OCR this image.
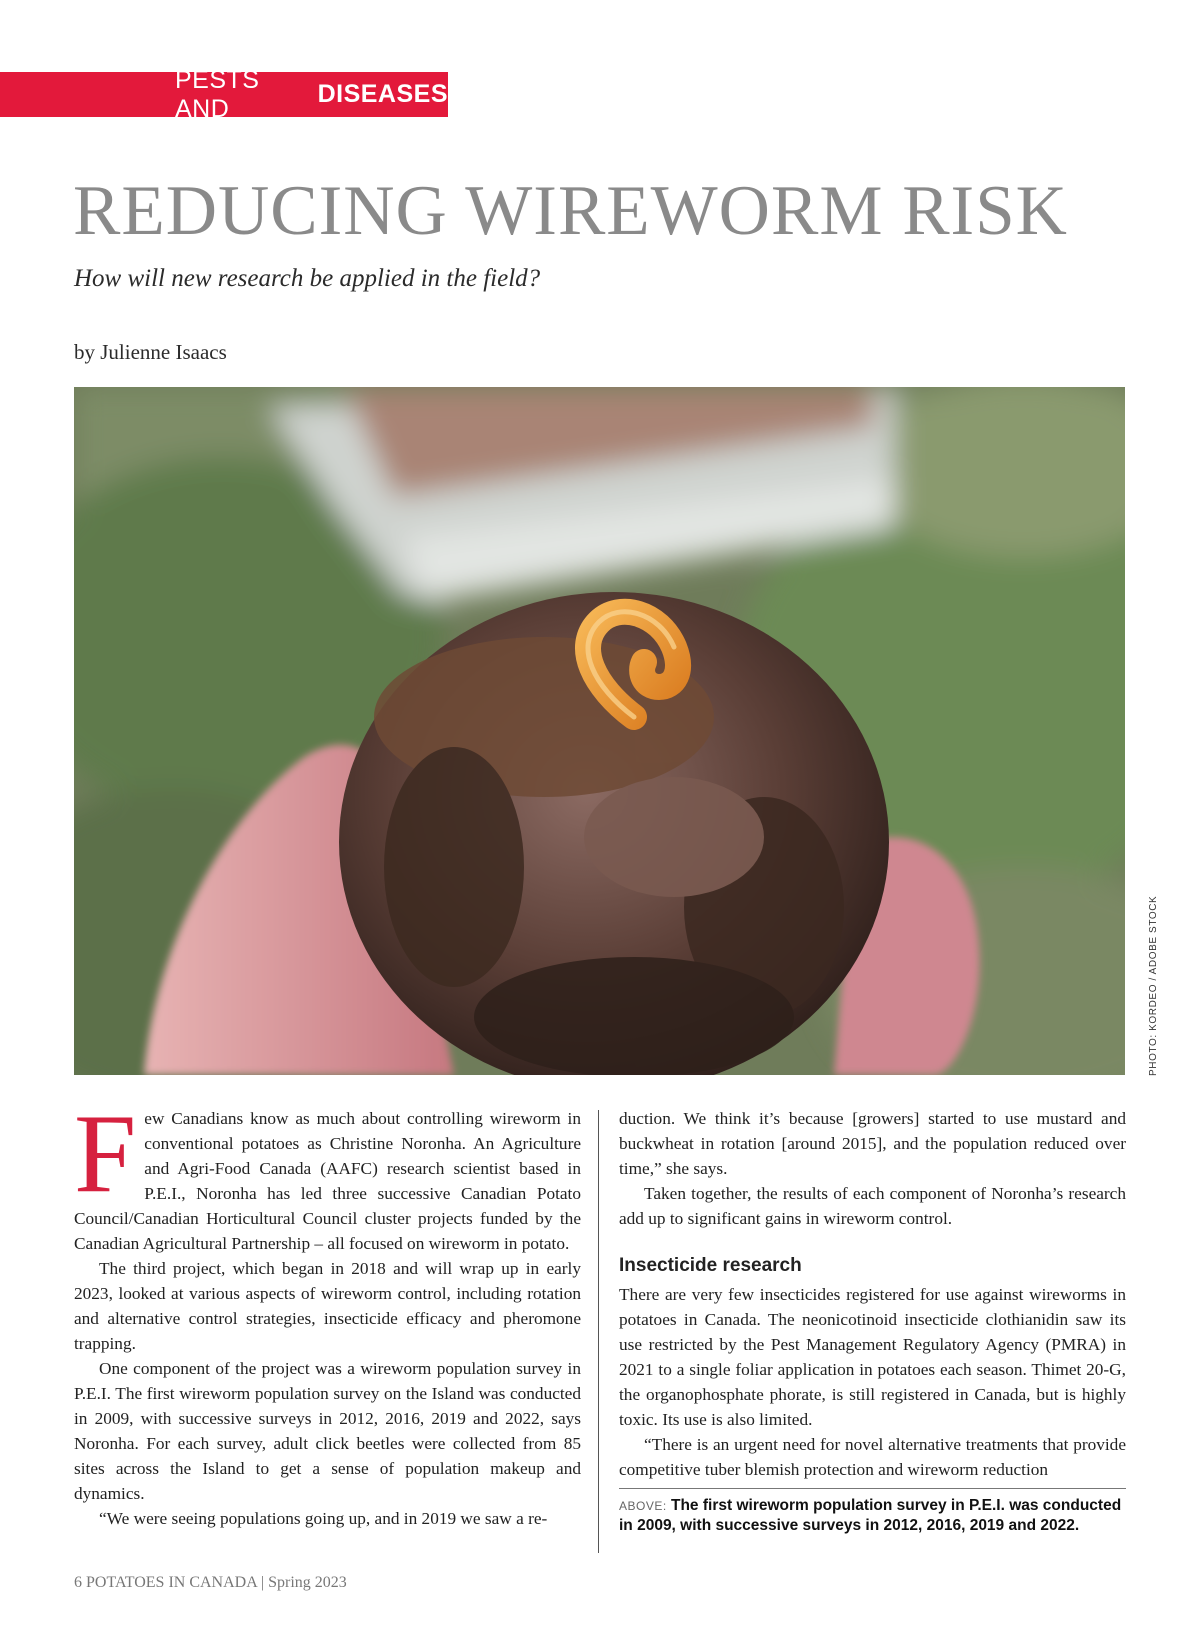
PESTS AND
DISEASES
REDUCING WIREWORM RISK

How will new research be applied in the field?

by Julienne Isaacs

PHOTO: KORDEO / ADOBE STOCK

Few Canadians know as much about controlling wireworm in conventional potatoes as Christine Noronha. An Agriculture and Agri-Food Canada (AAFC) research scientist based in P.E.I., Noronha has led three successive Canadian Potato Council/Canadian Horticultural Council cluster projects funded by the Canadian Agricultural Partnership – all focused on wireworm in potato.

The third project, which began in 2018 and will wrap up in early 2023, looked at various aspects of wireworm control, including rotation and alternative control strategies, insecticide efficacy and pheromone trapping.

One component of the project was a wireworm population survey in P.E.I. The first wireworm population survey on the Island was conducted in 2009, with successive surveys in 2012, 2016, 2019 and 2022, says Noronha. For each survey, adult click beetles were collected from 85 sites across the Island to get a sense of population makeup and dynamics.

“We were seeing populations going up, and in 2019 we saw a re-

duction. We think it’s because [growers] started to use mustard and buckwheat in rotation [around 2015], and the population reduced over time,” she says.

Taken together, the results of each component of Noronha’s research add up to significant gains in wireworm control.

Insecticide research

There are very few insecticides registered for use against wireworms in potatoes in Canada. The neonicotinoid insecticide clothianidin saw its use restricted by the Pest Management Regulatory Agency (PMRA) in 2021 to a single foliar application in potatoes each season. Thimet 20-G, the organophosphate phorate, is still registered in Canada, but is highly toxic. Its use is also limited.

“There is an urgent need for novel alternative treatments that provide competitive tuber blemish protection and wireworm reduction

ABOVE: The first wireworm population survey in P.E.I. was conducted in 2009, with successive surveys in 2012, 2016, 2019 and 2022.
6 POTATOES IN CANADA | Spring 2023
